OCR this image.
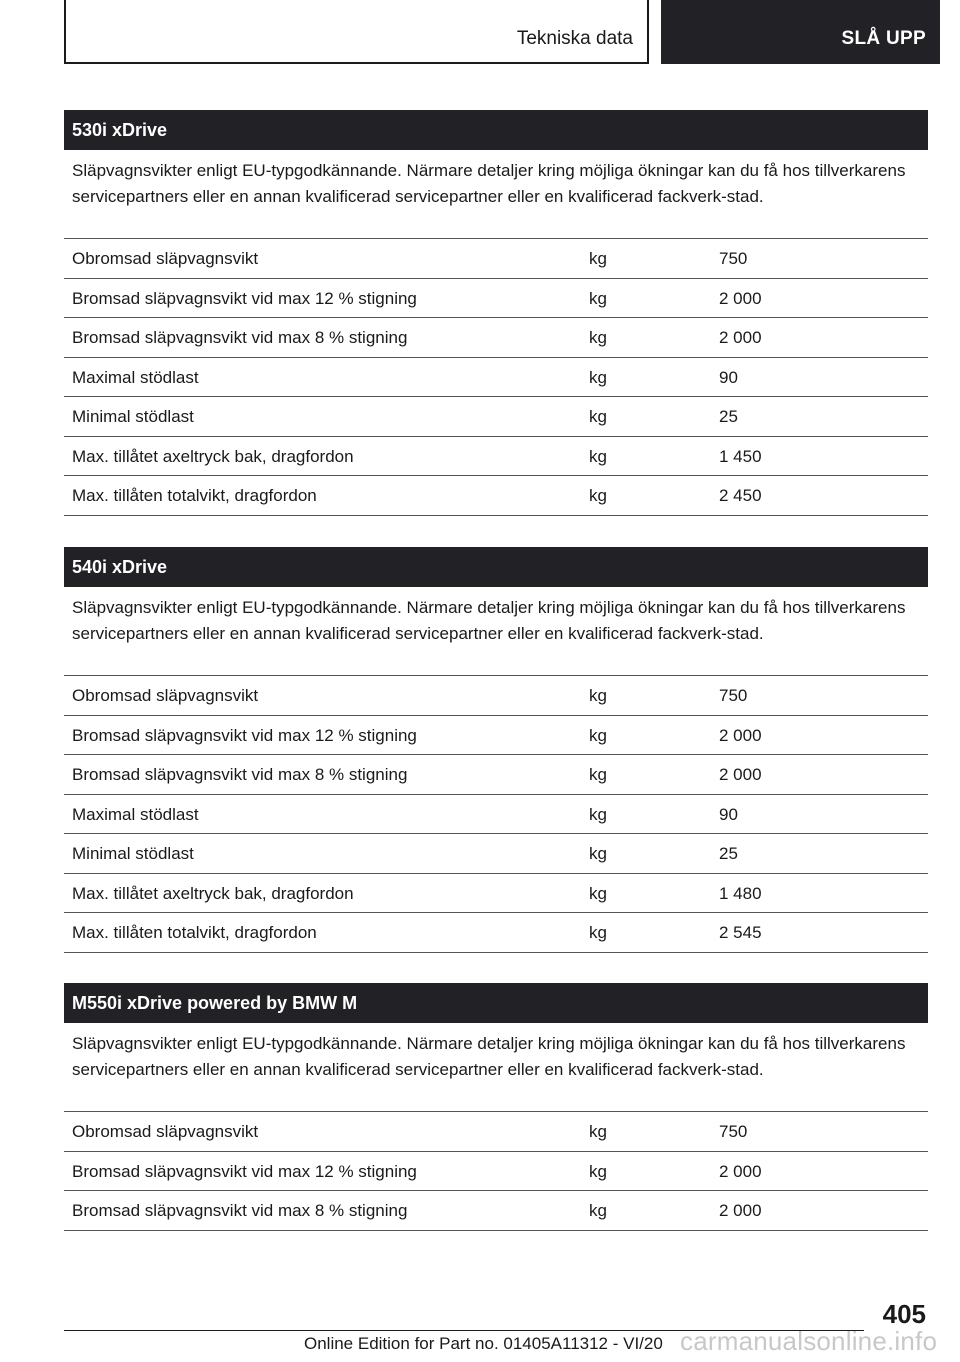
Tekniska data	SLÅ UPP
530i xDrive
Släpvagnsvikter enligt EU-typgodkännande. Närmare detaljer kring möjliga ökningar kan du få hos tillverkarens servicepartners eller en annan kvalificerad servicepartner eller en kvalificerad fackverk-stad.
Obromsad släpvagnsvikt	kg	750
Bromsad släpvagnsvikt vid max 12 % stigning	kg	2 000
Bromsad släpvagnsvikt vid max 8 % stigning	kg	2 000
Maximal stödlast	kg	90
Minimal stödlast	kg	25
Max. tillåtet axeltryck bak, dragfordon	kg	1 450
Max. tillåten totalvikt, dragfordon	kg	2 450
540i xDrive
Släpvagnsvikter enligt EU-typgodkännande. Närmare detaljer kring möjliga ökningar kan du få hos tillverkarens servicepartners eller en annan kvalificerad servicepartner eller en kvalificerad fackverk-stad.
Obromsad släpvagnsvikt	kg	750
Bromsad släpvagnsvikt vid max 12 % stigning	kg	2 000
Bromsad släpvagnsvikt vid max 8 % stigning	kg	2 000
Maximal stödlast	kg	90
Minimal stödlast	kg	25
Max. tillåtet axeltryck bak, dragfordon	kg	1 480
Max. tillåten totalvikt, dragfordon	kg	2 545
M550i xDrive powered by BMW M
Släpvagnsvikter enligt EU-typgodkännande. Närmare detaljer kring möjliga ökningar kan du få hos tillverkarens servicepartners eller en annan kvalificerad servicepartner eller en kvalificerad fackverk-stad.
Obromsad släpvagnsvikt	kg	750
Bromsad släpvagnsvikt vid max 12 % stigning	kg	2 000
Bromsad släpvagnsvikt vid max 8 % stigning	kg	2 000
405
Online Edition for Part no. 01405A11312 - VI/20 carmanualsonline.info
